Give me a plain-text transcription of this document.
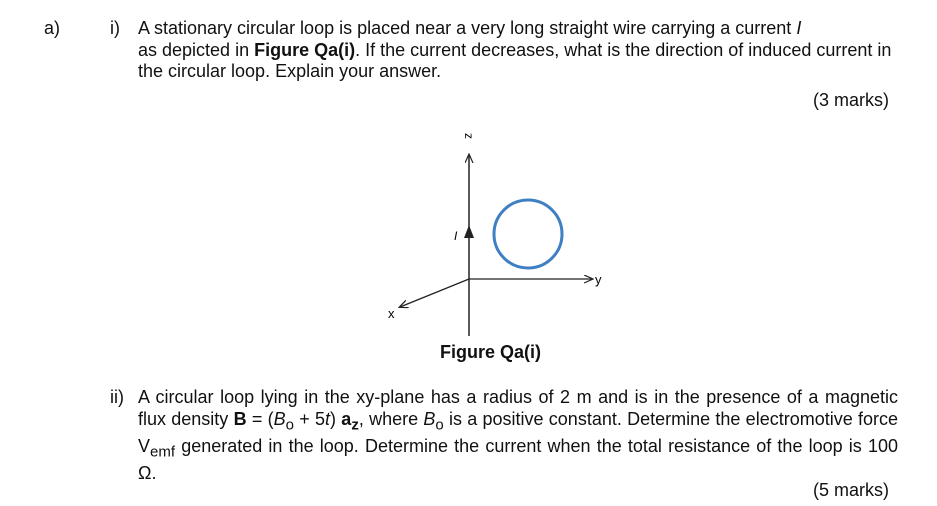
a)	i) A stationary circular loop is placed near a very long straight wire carrying a current I
as depicted in Figure Qa(i). If the current decreases, what is the direction of induced current in the circular loop. Explain your answer.

(3 marks)
z
I
y
x
Figure Qa(i)
ii) A circular loop lying in the xy-plane has a radius of 2 m and is in the presence of a magnetic flux density $B = (B_o + 5t)$ $a_z$, where $B_o$ is a positive constant. Determine the electromotive force $V_{emf}$ generated in the loop. Determine the current when the total resistance of the loop is 100 Ω.

(5 marks)
